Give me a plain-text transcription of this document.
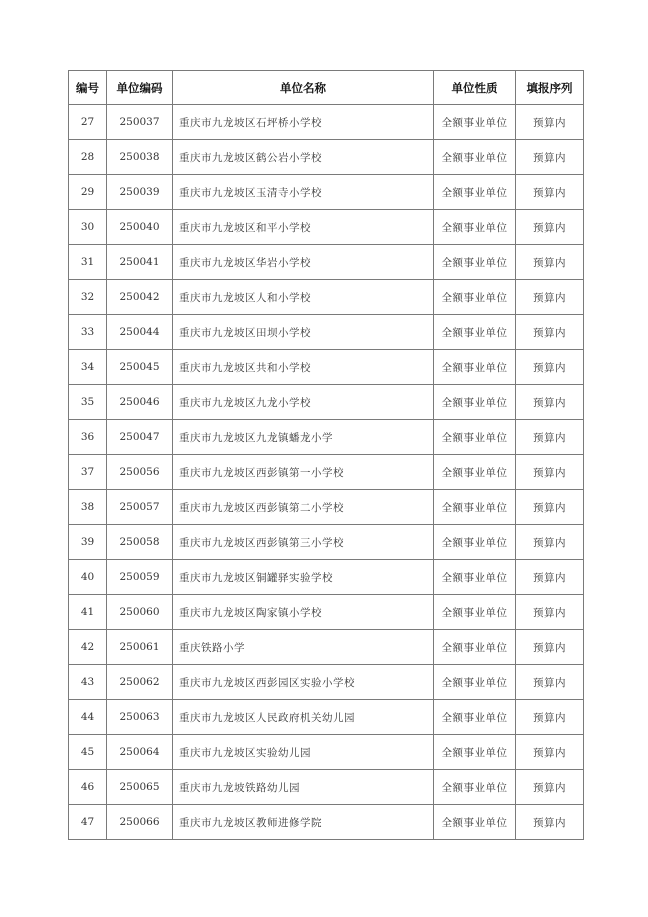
编号	单位编码	单位名称	单位性质	填报序列
27	250037	重庆市九龙坡区石坪桥小学校	全额事业单位	预算内
28	250038	重庆市九龙坡区鹤公岩小学校	全额事业单位	预算内
29	250039	重庆市九龙坡区玉清寺小学校	全额事业单位	预算内
30	250040	重庆市九龙坡区和平小学校	全额事业单位	预算内
31	250041	重庆市九龙坡区华岩小学校	全额事业单位	预算内
32	250042	重庆市九龙坡区人和小学校	全额事业单位	预算内
33	250044	重庆市九龙坡区田坝小学校	全额事业单位	预算内
34	250045	重庆市九龙坡区共和小学校	全额事业单位	预算内
35	250046	重庆市九龙坡区九龙小学校	全额事业单位	预算内
36	250047	重庆市九龙坡区九龙镇蟠龙小学	全额事业单位	预算内
37	250056	重庆市九龙坡区西彭镇第一小学校	全额事业单位	预算内
38	250057	重庆市九龙坡区西彭镇第二小学校	全额事业单位	预算内
39	250058	重庆市九龙坡区西彭镇第三小学校	全额事业单位	预算内
40	250059	重庆市九龙坡区铜罐驿实验学校	全额事业单位	预算内
41	250060	重庆市九龙坡区陶家镇小学校	全额事业单位	预算内
42	250061	重庆铁路小学	全额事业单位	预算内
43	250062	重庆市九龙坡区西彭园区实验小学校	全额事业单位	预算内
44	250063	重庆市九龙坡区人民政府机关幼儿园	全额事业单位	预算内
45	250064	重庆市九龙坡区实验幼儿园	全额事业单位	预算内
46	250065	重庆市九龙坡铁路幼儿园	全额事业单位	预算内
47	250066	重庆市九龙坡区教师进修学院	全额事业单位	预算内
